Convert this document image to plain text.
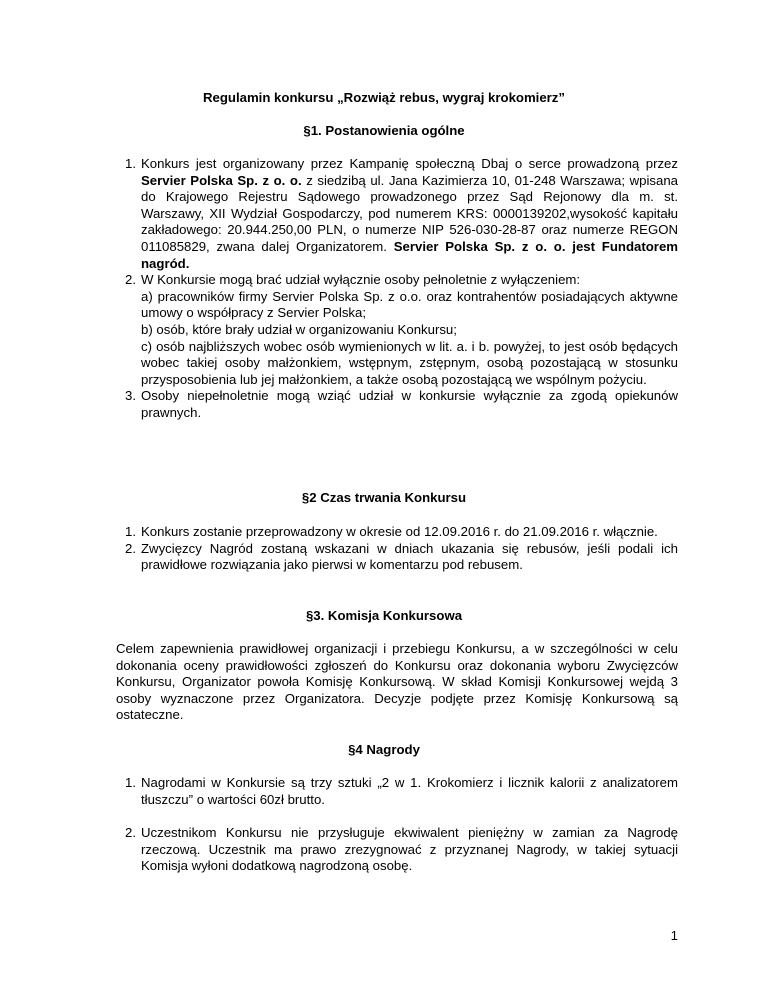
Regulamin konkursu „Rozwiąż rebus, wygraj krokomierz”

§1. Postanowienia ogólne

1. Konkurs jest organizowany przez Kampanię społeczną Dbaj o serce prowadzoną przez Servier Polska Sp. z o. o. z siedzibą ul. Jana Kazimierza 10, 01-248 Warszawa; wpisana do Krajowego Rejestru Sądowego prowadzonego przez Sąd Rejonowy dla m. st. Warszawy, XII Wydział Gospodarczy, pod numerem KRS: 0000139202,wysokość kapitału zakładowego: 20.944.250,00 PLN, o numerze NIP 526-030-28-87 oraz numerze REGON 011085829, zwana dalej Organizatorem. Servier Polska Sp. z o. o. jest Fundatorem nagród.
2. W Konkursie mogą brać udział wyłącznie osoby pełnoletnie z wyłączeniem:
a) pracowników firmy Servier Polska Sp. z o.o. oraz kontrahentów posiadających aktywne umowy o współpracy z Servier Polska;
b) osób, które brały udział w organizowaniu Konkursu;
c) osób najbliższych wobec osób wymienionych w lit. a. i b. powyżej, to jest osób będących wobec takiej osoby małżonkiem, wstępnym, zstępnym, osobą pozostającą w stosunku przysposobienia lub jej małżonkiem, a także osobą pozostającą we wspólnym pożyciu.
3. Osoby niepełnoletnie mogą wziąć udział w konkursie wyłącznie za zgodą opiekunów prawnych.

§2 Czas trwania Konkursu

1. Konkurs zostanie przeprowadzony w okresie od 12.09.2016 r. do 21.09.2016 r. włącznie.
2. Zwycięzcy Nagród zostaną wskazani w dniach ukazania się rebusów, jeśli podali ich prawidłowe rozwiązania jako pierwsi w komentarzu pod rebusem.

§3. Komisja Konkursowa

Celem zapewnienia prawidłowej organizacji i przebiegu Konkursu, a w szczególności w celu dokonania oceny prawidłowości zgłoszeń do Konkursu oraz dokonania wyboru Zwycięzców Konkursu, Organizator powoła Komisję Konkursową. W skład Komisji Konkursowej wejdą 3 osoby wyznaczone przez Organizatora. Decyzje podjęte przez Komisję Konkursową są ostateczne.

§4 Nagrody

1. Nagrodami w Konkursie są trzy sztuki „2 w 1. Krokomierz i licznik kalorii z analizatorem tłuszczu” o wartości 60zł brutto.
2. Uczestnikom Konkursu nie przysługuje ekwiwalent pieniężny w zamian za Nagrodę rzeczową. Uczestnik ma prawo zrezygnować z przyznanej Nagrody, w takiej sytuacji Komisja wyłoni dodatkową nagrodzoną osobę.
1
